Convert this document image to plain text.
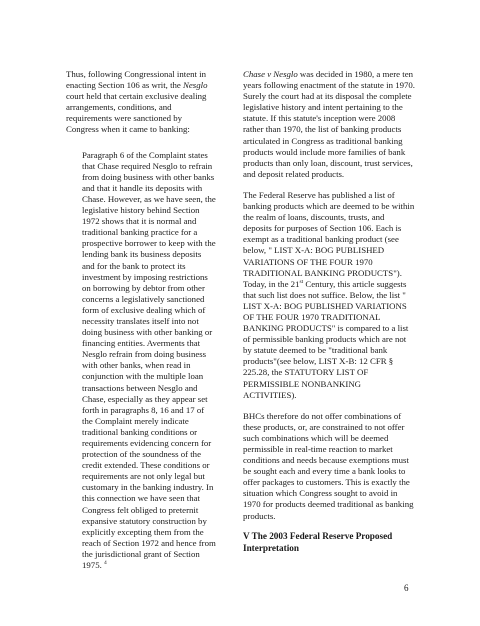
Thus, following Congressional intent in enacting Section 106 as writ, the Nesglo court held that certain exclusive dealing arrangements, conditions, and requirements were sanctioned by Congress when it came to banking:

Paragraph 6 of the Complaint states that Chase required Nesglo to refrain from doing business with other banks and that it handle its deposits with Chase. However, as we have seen, the legislative history behind Section 1972 shows that it is normal and traditional banking practice for a prospective borrower to keep with the lending bank its business deposits and for the bank to protect its investment by imposing restrictions on borrowing by debtor from other concerns a legislatively sanctioned form of exclusive dealing which of necessity translates itself into not doing business with other banking or financing entities. Averments that Nesglo refrain from doing business with other banks, when read in conjunction with the multiple loan transactions between Nesglo and Chase, especially as they appear set forth in paragraphs 8, 16 and 17 of the Complaint merely indicate traditional banking conditions or requirements evidencing concern for protection of the soundness of the credit extended. These conditions or requirements are not only legal but customary in the banking industry. In this connection we have seen that Congress felt obliged to preternit expansive statutory construction by explicitly excepting them from the reach of Section 1972 and hence from the jurisdictional grant of Section 1975. $^4$

Chase v Nesglo was decided in 1980, a mere ten years following enactment of the statute in 1970. Surely the court had at its disposal the complete legislative history and intent pertaining to the statute. If this statute's inception were 2008 rather than 1970, the list of banking products articulated in Congress as traditional banking products would include more families of bank products than only loan, discount, trust services, and deposit related products.

The Federal Reserve has published a list of banking products which are deemed to be within the realm of loans, discounts, trusts, and deposits for purposes of Section 106. Each is exempt as a traditional banking product (see below, " LIST X-A: BOG PUBLISHED VARIATIONS OF THE FOUR 1970 TRADITIONAL BANKING PRODUCTS"). Today, in the 21st Century, this article suggests that such list does not suffice. Below, the list " LIST X-A: BOG PUBLISHED VARIATIONS OF THE FOUR 1970 TRADITIONAL BANKING PRODUCTS" is compared to a list of permissible banking products which are not by statute deemed to be "traditional bank products"(see below, LIST X-B: 12 CFR § 225.28, the STATUTORY LIST OF PERMISSIBLE NONBANKING ACTIVITIES).

BHCs therefore do not offer combinations of these products, or, are constrained to not offer such combinations which will be deemed permissible in real-time reaction to market conditions and needs because exemptions must be sought each and every time a bank looks to offer packages to customers. This is exactly the situation which Congress sought to avoid in 1970 for products deemed traditional as banking products.

V The 2003 Federal Reserve Proposed Interpretation

6
